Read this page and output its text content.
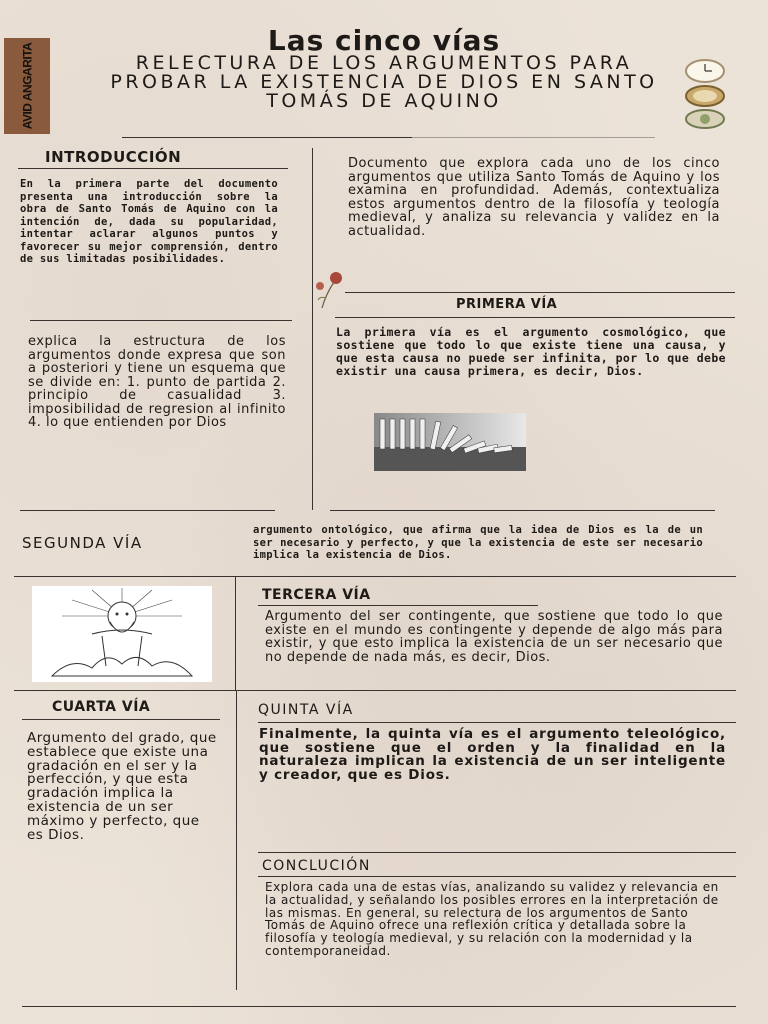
AVID ANGARITA
Las cinco vías
RELECTURA DE LOS ARGUMENTOS PARA PROBAR LA EXISTENCIA DE DIOS EN SANTO TOMÁS DE AQUINO
INTRODUCCIÓN
En la primera parte del documento presenta una introducción sobre la obra de Santo Tomás de Aquino con la intención de, dada su popularidad, intentar aclarar algunos puntos y favorecer su mejor comprensión, dentro de sus limitadas posibilidades.
Documento que explora cada uno de los cinco argumentos que utiliza Santo Tomás de Aquino y los examina en profundidad. Además, contextualiza estos argumentos dentro de la filosofía y teología medieval, y analiza su relevancia y validez en la actualidad.
explica la estructura de los argumentos donde expresa que son a posteriori y tiene un esquema que se divide en: 1. punto de partida 2. principio de casualidad 3. imposibilidad de regresion al infinito 4. lo que entienden por Dios
PRIMERA VÍA
La primera vía es el argumento cosmológico, que sostiene que todo lo que existe tiene una causa, y que esta causa no puede ser infinita, por lo que debe existir una causa primera, es decir, Dios.
SEGUNDA VÍA
argumento ontológico, que afirma que la idea de Dios es la de un ser necesario y perfecto, y que la existencia de este ser necesario implica la existencia de Dios.
TERCERA VÍA
Argumento del ser contingente, que sostiene que todo lo que existe en el mundo es contingente y depende de algo más para existir, y que esto implica la existencia de un ser necesario que no depende de nada más, es decir, Dios.
CUARTA VÍA
Argumento del grado, que establece que existe una gradación en el ser y la perfección, y que esta gradación implica la existencia de un ser máximo y perfecto, que es Dios.
QUINTA VÍA
Finalmente, la quinta vía es el argumento teleológico, que sostiene que el orden y la finalidad en la naturaleza implican la existencia de un ser inteligente y creador, que es Dios.
CONCLUCIÓN
Explora cada una de estas vías, analizando su validez y relevancia en la actualidad, y señalando los posibles errores en la interpretación de las mismas. En general, su relectura de los argumentos de Santo Tomás de Aquino ofrece una reflexión crítica y detallada sobre la filosofía y teología medieval, y su relación con la modernidad y la contemporaneidad.
